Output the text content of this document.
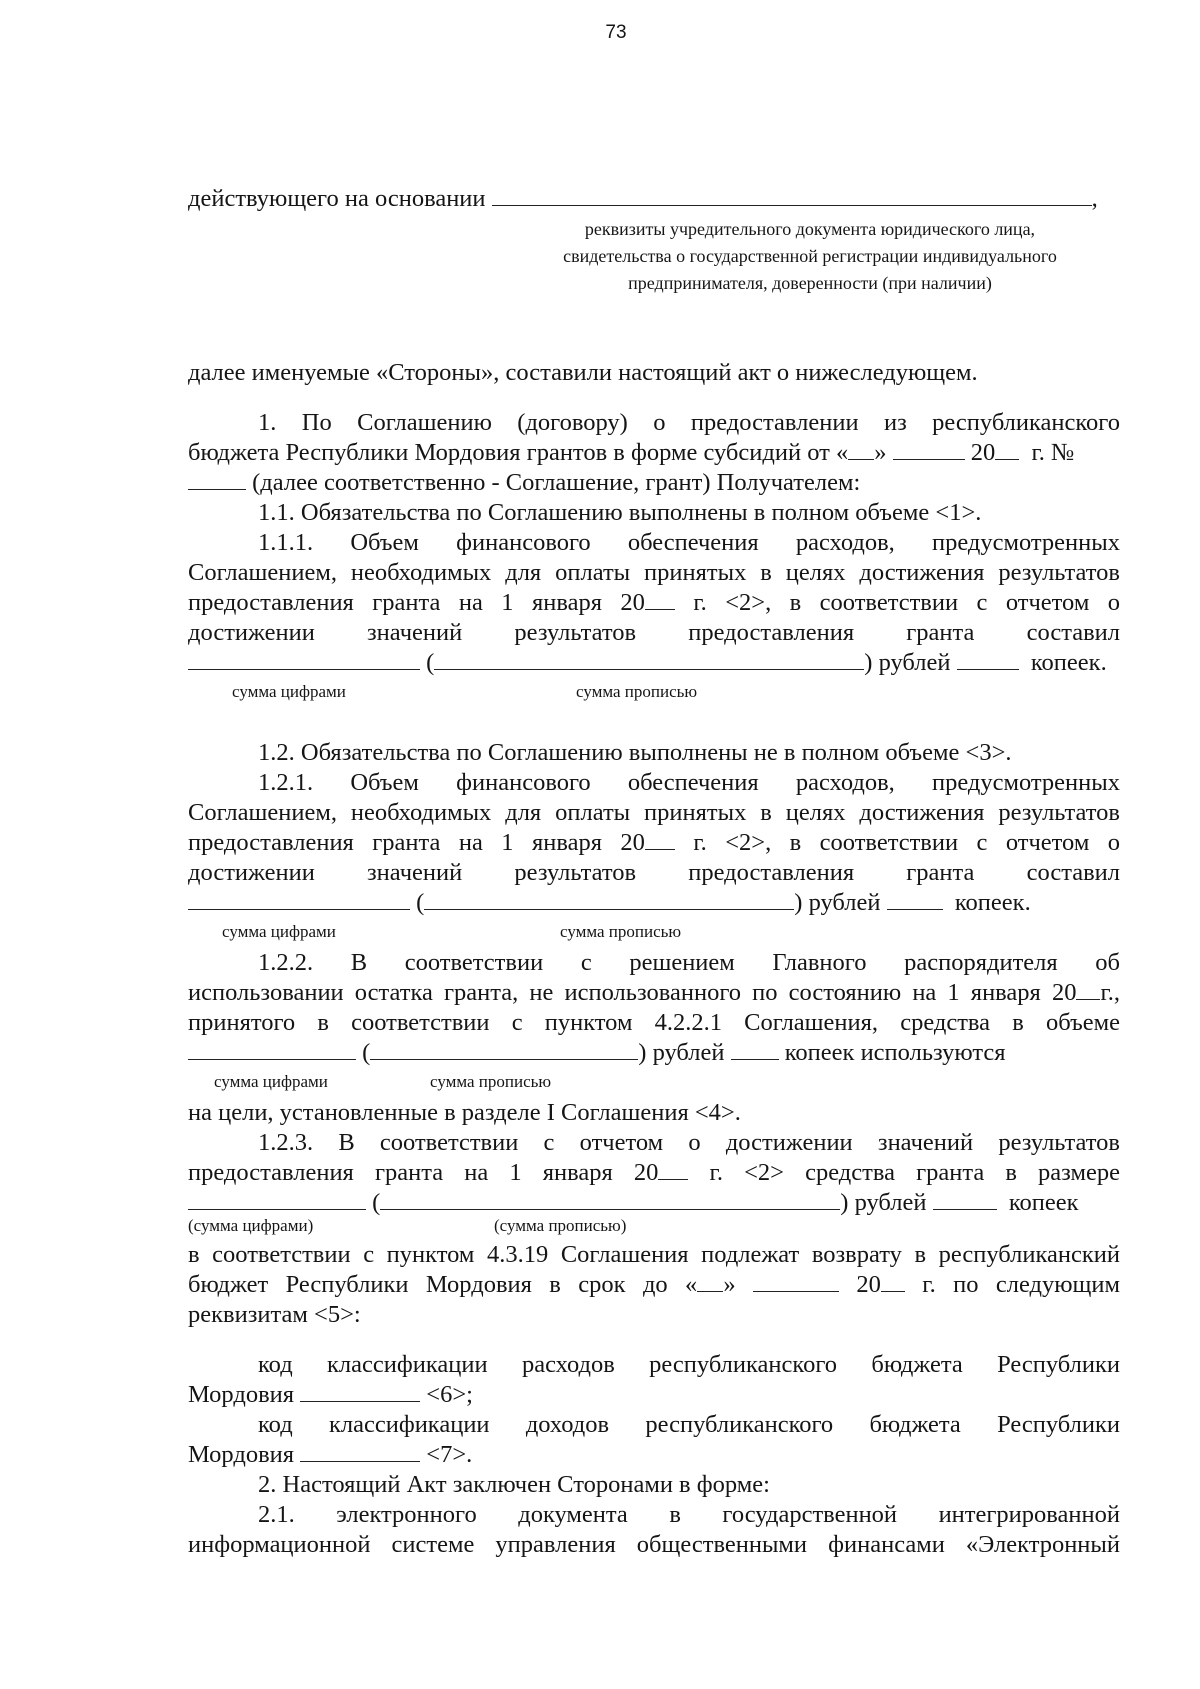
73
действующего на основании	,
реквизиты учредительного документа юридического лица, свидетельства о государственной регистрации индивидуального предпринимателя, доверенности (при наличии)
далее именуемые «Стороны», составили настоящий акт о нижеследующем.
1. По Соглашению (договору) о предоставлении из республиканского
бюджета Республики Мордовия грантов в форме субсидий от « »	20 г. №
(далее соответственно - Соглашение, грант) Получателем:
1.1. Обязательства по Соглашению выполнены в полном объеме <1>.
1.1.1. Объем финансового обеспечения расходов, предусмотренных
Соглашением, необходимых для оплаты принятых в целях достижения результатов
предоставления гранта на 1 января 20 г. <2>, в соответствии с отчетом о
достижении значений результатов предоставления гранта составил
(	) рублей	копеек.
сумма цифрами	сумма прописью
1.2. Обязательства по Соглашению выполнены не в полном объеме <3>.
1.2.1. Объем финансового обеспечения расходов, предусмотренных
Соглашением, необходимых для оплаты принятых в целях достижения результатов
предоставления гранта на 1 января 20 г. <2>, в соответствии с отчетом о
достижении значений результатов предоставления гранта составил
(	) рублей	копеек.
сумма цифрами	сумма прописью
1.2.2. В соответствии с решением Главного распорядителя об
использовании остатка гранта, не использованного по состоянию на 1 января 20 г.,
принятого в соответствии с пунктом 4.2.2.1 Соглашения, средства в объеме
(	) рублей копеек используются
сумма цифрами	сумма прописью
на цели, установленные в разделе I Соглашения <4>.
1.2.3. В соответствии с отчетом о достижении значений результатов
предоставления гранта на 1 января 20 г. <2> средства гранта в размере
(	) рублей	копеек
(сумма цифрами)	(сумма прописью)
в соответствии с пунктом 4.3.19 Соглашения подлежат возврату в республиканский
бюджет Республики Мордовия в срок до « »	20 г. по следующим
реквизитам <5>:
код классификации расходов республиканского бюджета Республики
Мордовия	<6>;
код классификации доходов республиканского бюджета Республики
Мордовия	<7>.
2. Настоящий Акт заключен Сторонами в форме:
2.1. электронного документа в государственной интегрированной
информационной системе управления общественными финансами «Электронный
